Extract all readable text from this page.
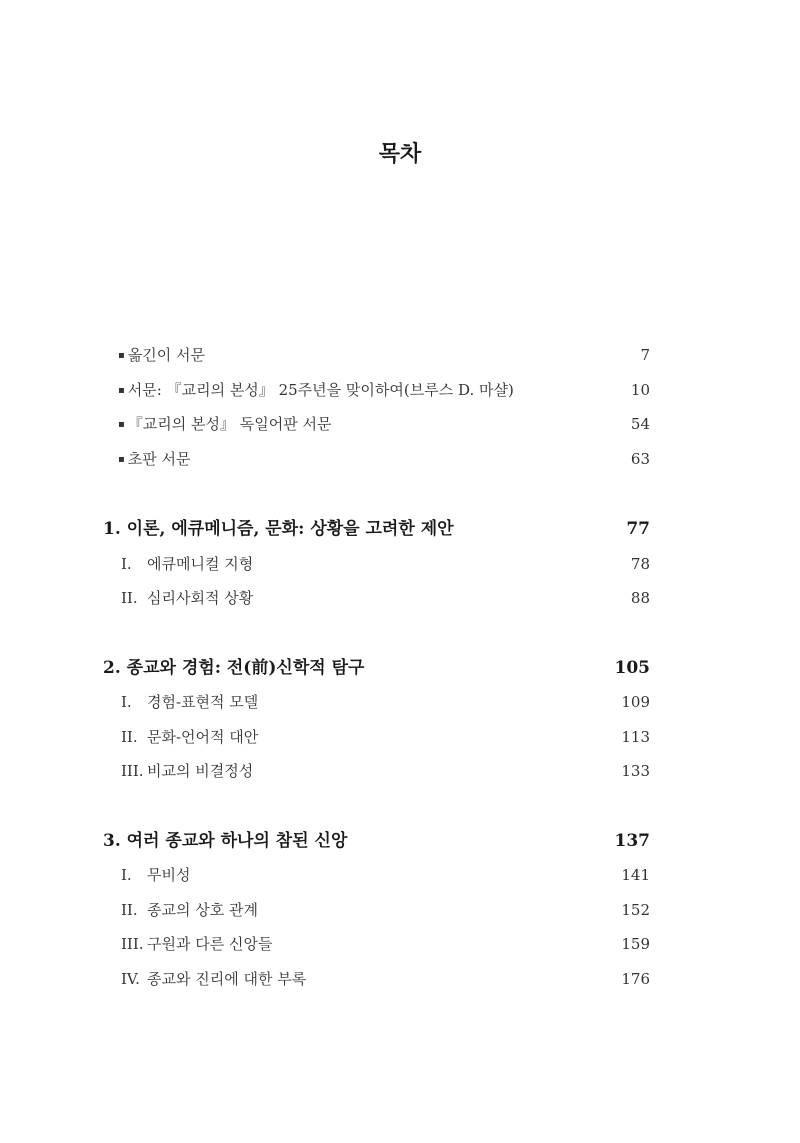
목차
▪ 옮긴이 서문	7
▪ 서문: 『교리의 본성』 25주년을 맞이하여(브루스 D. 마샬)	10
▪ 『교리의 본성』 독일어판 서문	54
▪ 초판 서문	63
1. 이론, 에큐메니즘, 문화: 상황을 고려한 제안	77
I. 에큐메니컬 지형	78
II. 심리사회적 상황	88
2. 종교와 경험: 전(前)신학적 탐구	105
I. 경험-표현적 모델	109
II. 문화-언어적 대안	113
III. 비교의 비결정성	133
3. 여러 종교와 하나의 참된 신앙	137
I. 무비성	141
II. 종교의 상호 관계	152
III. 구원과 다른 신앙들	159
IV. 종교와 진리에 대한 부록	176
